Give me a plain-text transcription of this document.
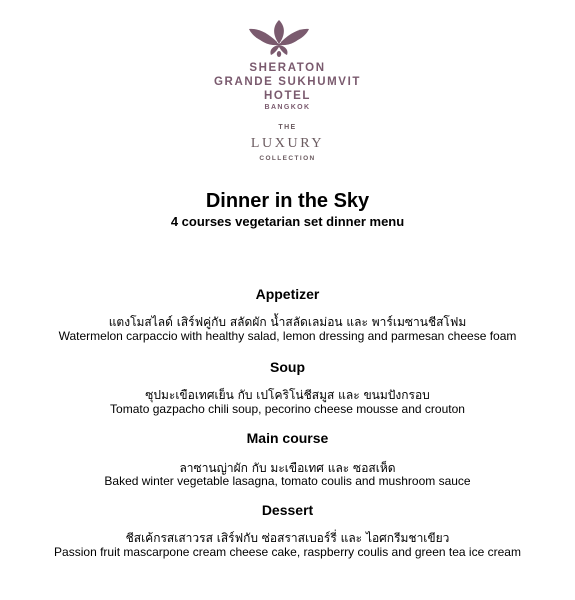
SHERATON
GRANDE SUKHUMVIT
HOTEL
BANGKOK
THE
LUXURY
COLLECTION
Dinner in the Sky
4 courses vegetarian set dinner menu
Appetizer
แตงโมสไลด์ เสิร์ฟคู่กับ สลัดผัก น้ำสลัดเลม่อน และ พาร์เมซานชีสโฟม
Watermelon carpaccio with healthy salad, lemon dressing and parmesan cheese foam
Soup
ซุปมะเขือเทศเย็น กับ เปโคริโน่ชีสมูส และ ขนมปังกรอบ
Tomato gazpacho chili soup, pecorino cheese mousse and crouton
Main course
ลาซานญ่าผัก กับ มะเขือเทศ และ ซอสเห็ด
Baked winter vegetable lasagna, tomato coulis and mushroom sauce
Dessert
ชีสเค้กรสเสาวรส เสิร์ฟกับ ซ่อสราสเบอร์รี่ และ ไอศกรีมชาเขียว
Passion fruit mascarpone cream cheese cake, raspberry coulis and green tea ice cream
